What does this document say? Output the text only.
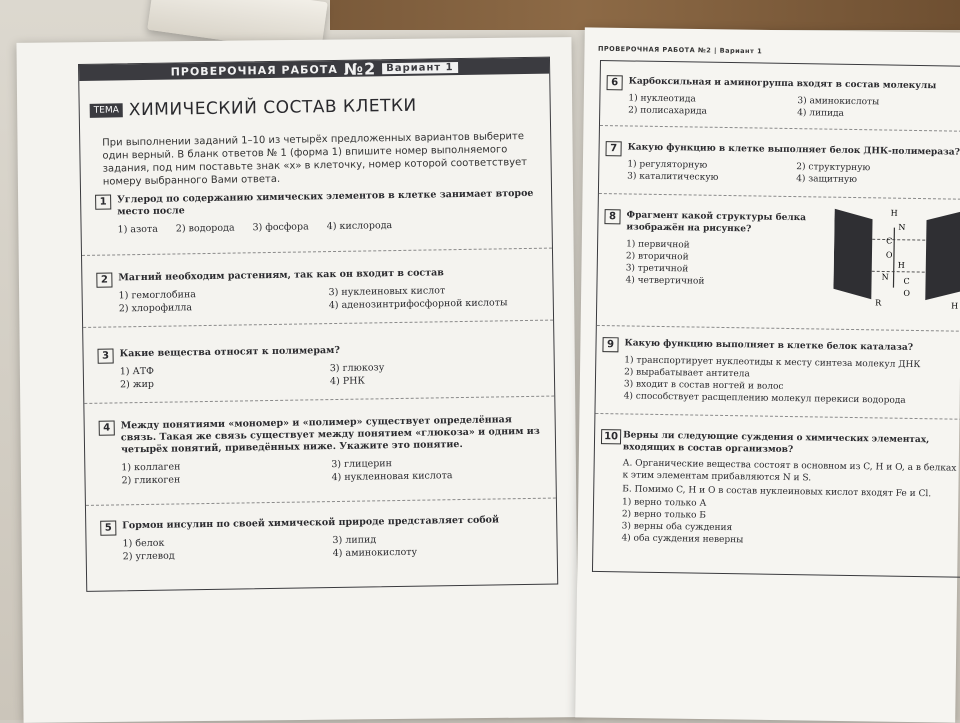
ПРОВЕРОЧНАЯ РАБОТА №2 Вариант 1
ТЕМА ХИМИЧЕСКИЙ СОСТАВ КЛЕТКИ
При выполнении заданий 1–10 из четырёх предложенных вариантов выберите один верный. В бланк ответов № 1 (форма 1) впишите номер выполняемого задания, под ним поставьте знак «x» в клеточку, номер которой соответствует номеру выбранного Вами ответа.
1	Углерод по содержанию химических элементов в клетке занимает второе место после
1) азота 2) водорода 3) фосфора 4) кислорода
2	Магний необходим растениям, так как он входит в состав
1) гемоглобина	3) нуклеиновых кислот
2) хлорофилла	4) аденозинтрифосфорной кислоты
3	Какие вещества относят к полимерам?
1) АТФ	3) глюкозу
2) жир	4) РНК
4	Между понятиями «мономер» и «полимер» существует определённая связь. Такая же связь существует между понятием «глюкоза» и одним из четырёх понятий, приведённых ниже. Укажите это понятие.
1) коллаген	3) глицерин
2) гликоген	4) нуклеиновая кислота
5	Гормон инсулин по своей химической природе представляет собой
1) белок	3) липид
2) углевод	4) аминокислоту
ПРОВЕРОЧНАЯ РАБОТА №2 | Вариант 1
6	Карбоксильная и аминогруппа входят в состав молекулы
1) нуклеотида	3) аминокислоты
2) полисахарида	4) липида
7	Какую функцию в клетке выполняет белок ДНК-полимераза?
1) регуляторную	2) структурную
3) каталитическую	4) защитную
8	Фрагмент какой структуры белка изображён на рисунке?
1) первичной
2) вторичной
3) третичной
4) четвертичной
H
N
C
O
H
N C
O
R	H
9	Какую функцию выполняет в клетке белок каталаза?
1) транспортирует нуклеотиды к месту синтеза молекул ДНК
2) вырабатывает антитела
3) входит в состав ногтей и волос
4) способствует расщеплению молекул перекиси водорода
10 Верны ли следующие суждения о химических элементах, входящих в состав организмов?
А. Органические вещества состоят в основном из C, H и O, а в белках к этим элементам прибавляются N и S.
Б. Помимо C, H и O в состав нуклеиновых кислот входят Fe и Cl.
1) верно только А
2) верно только Б
3) верны оба суждения
4) оба суждения неверны
